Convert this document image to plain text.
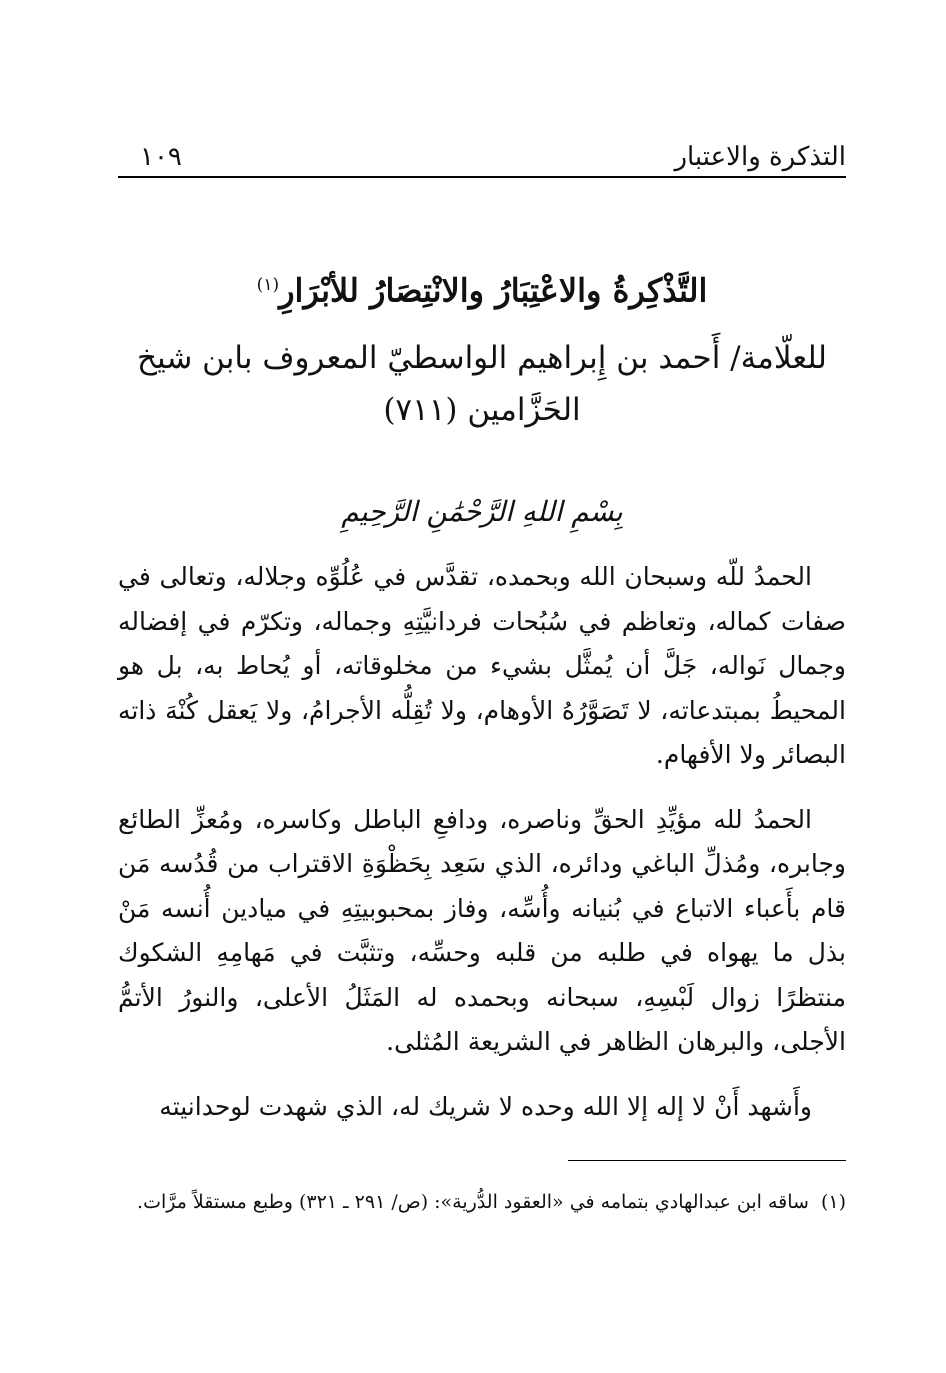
التذكرة والاعتبار
١٠٩
التَّذْكِرةُ والاعْتِبَارُ والانْتِصَارُ للأبْرَارِ$^{(١)}$
للعلّامة/ أَحمد بن إِبراهيم الواسطيّ المعروف بابن شيخ
الحَزَّامين (٧١١)
بِسْمِ اللهِ الرَّحْمَٰنِ الرَّحِيمِ

الحمدُ للّه وسبحان الله وبحمده، تقدَّس في عُلُوِّه وجلاله، وتعالى في صفات كماله، وتعاظم في سُبُحات فردانيَّتِهِ وجماله، وتكرّم في إفضاله وجمال نَواله، جَلَّ أن يُمثَّل بشيء من مخلوقاته، أو يُحاط به، بل هو المحيطُ بمبتدعاته، لا تَصَوَّرُهُ الأوهام، ولا تُقِلُّه الأجرامُ، ولا يَعقل كُنْهَ ذاته البصائر ولا الأفهام.

الحمدُ لله مؤيِّدِ الحقِّ وناصره، ودافعِ الباطل وكاسره، ومُعزِّ الطائع وجابره، ومُذلِّ الباغي ودائره، الذي سَعِد بِحَظْوَةِ الاقتراب من قُدُسه مَن قام بأَعباء الاتباع في بُنيانه وأُسِّه، وفاز بمحبوبيتِهِ في ميادين أُنسه مَنْ بذل ما يهواه في طلبه من قلبه وحسِّه، وتثبَّت في مَهامِهِ الشكوك منتظرًا زوال لَبْسِهِ، سبحانه وبحمده له المَثَلُ الأعلى، والنورُ الأتمُّ الأجلى، والبرهان الظاهر في الشريعة المُثلى.

وأَشهد أَنْ لا إله إلا الله وحده لا شريك له، الذي شهدت لوحدانيته

(١)ساقه ابن عبدالهادي بتمامه في «العقود الدُّرية»: (ص/ ٢٩١ ـ ٣٢١) وطبع مستقلاً مرَّات.
